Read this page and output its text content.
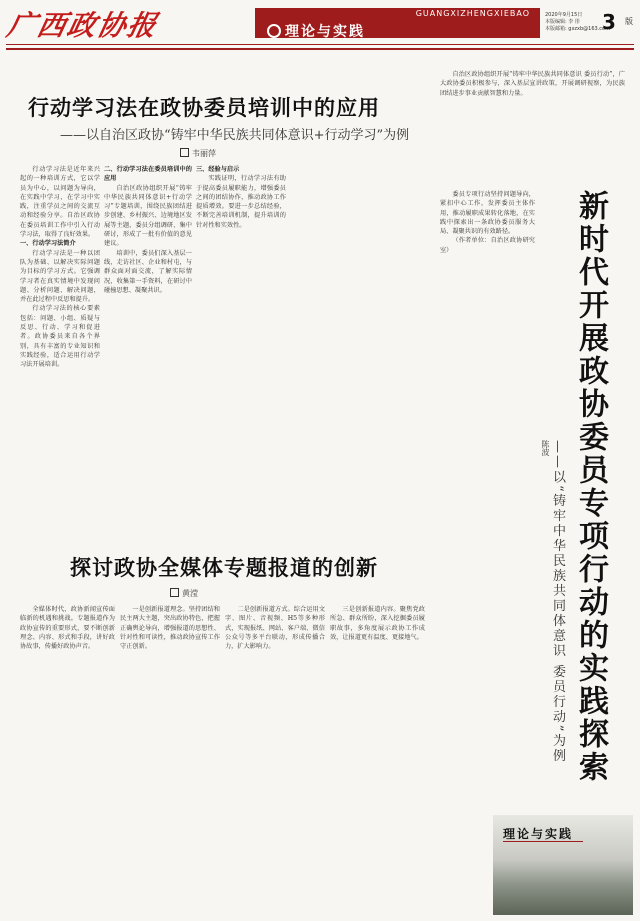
广西政协报	GUANGXIZHENGXIEBAO
理论与实践
2020年9月15日
本版编辑: 李 彤
本版邮箱: gxzxb@163.com
3 版
行动学习法在政协委员培训中的应用
——以自治区政协“铸牢中华民族共同体意识+行动学习”为例
韦丽萍

行动学习法是近年来兴起的一种培训方式，它以学员为中心，以问题为导向，在实践中学习，在学习中实践，注重学员之间的交流互动和经验分享。自治区政协在委员培训工作中引入行动学习法，取得了良好效果。

一、行动学习法简介

行动学习法是一种以团队为基础、以解决实际问题为目标的学习方式。它强调学习者在真实情境中发现问题、分析问题、解决问题，并在此过程中反思和提升。

行动学习法的核心要素包括：问题、小组、质疑与反思、行动、学习和促进者。政协委员来自各个界别，具有丰富的专业知识和实践经验，适合运用行动学习法开展培训。

二、行动学习法在委员培训中的应用

自治区政协组织开展“铸牢中华民族共同体意识+行动学习”专题培训，围绕民族团结进步创建、乡村振兴、边境地区发展等主题，委员分组调研、集中研讨，形成了一批有价值的意见建议。

培训中，委员们深入基层一线，走访社区、企业和村屯，与群众面对面交流，了解实际情况，收集第一手资料，在研讨中碰撞思想、凝聚共识。

三、经验与启示

实践证明，行动学习法有助于提高委员履职能力，增强委员之间的团结协作，推动政协工作提质增效。要进一步总结经验，不断完善培训机制，提升培训的针对性和实效性。

探讨政协全媒体专题报道的创新
黄滢

全媒体时代，政协新闻宣传面临新的机遇和挑战。专题报道作为政协宣传的重要形式，要不断创新理念、内容、形式和手段，讲好政协故事，传播好政协声音。

一是创新报道理念。坚持团结和民主两大主题，突出政协特色，把握正确舆论导向，增强报道的思想性、针对性和可读性，推动政协宣传工作守正创新。

二是创新报道方式。综合运用文字、图片、音视频、H5等多种形式，实现报纸、网站、客户端、微信公众号等多平台联动，形成传播合力，扩大影响力。

三是创新报道内容。聚焦党政所急、群众所盼，深入挖掘委员履职故事，多角度展示政协工作成效，让报道更有温度、更接地气。

自治区政协组织开展“铸牢中华民族共同体意识 委员行动”，广大政协委员积极参与，深入基层宣讲政策，开展调研视察，为民族团结进步事业贡献智慧和力量。

新时代开展政协委员专项行动的实践探索
——以“铸牢中华民族共同体意识 委员行动”为例
陈波

委员专项行动坚持问题导向，紧扣中心工作，发挥委员主体作用，推动履职成果转化落地，在实践中探索出一条政协委员服务大局、凝聚共识的有效路径。

（作者单位：自治区政协研究室）

理论与实践
